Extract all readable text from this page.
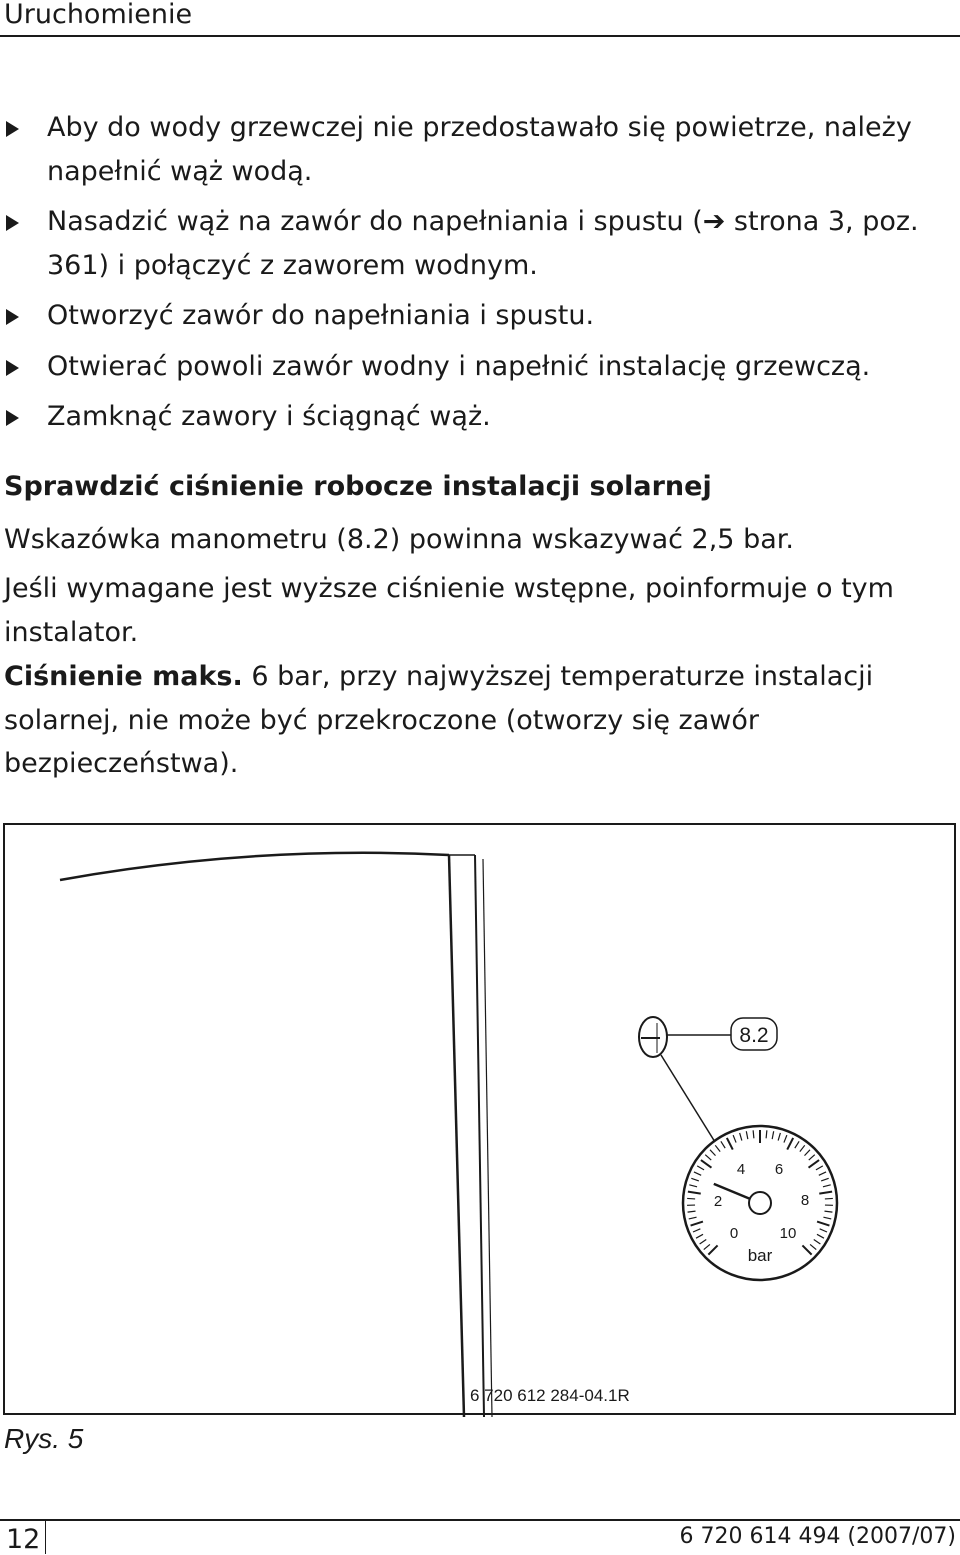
Uruchomienie
Aby do wody grzewczej nie przedostawało się powietrze, należy napełnić wąż wodą.
Nasadzić wąż na zawór do napełniania i spustu (➔ strona 3, poz. 361) i połączyć z zaworem wodnym.
Otworzyć zawór do napełniania i spustu.
Otwierać powoli zawór wodny i napełnić instalację grzewczą.
Zamknąć zawory i ściągnąć wąż.
Sprawdzić ciśnienie robocze instalacji solarnej
Wskazówka manometru (8.2) powinna wskazywać 2,5 bar.
Jeśli wymagane jest wyższe ciśnienie wstępne, poinformuje o tym instalator.
Ciśnienie maks. 6 bar, przy najwyższej temperaturze instalacji solarnej, nie może być przekroczone (otworzy się zawór bezpieczeństwa).
8.2
4 6
2	8
0	10
bar
6 720 612 284-04.1R
Rys. 5
12	6 720 614 494 (2007/07)
